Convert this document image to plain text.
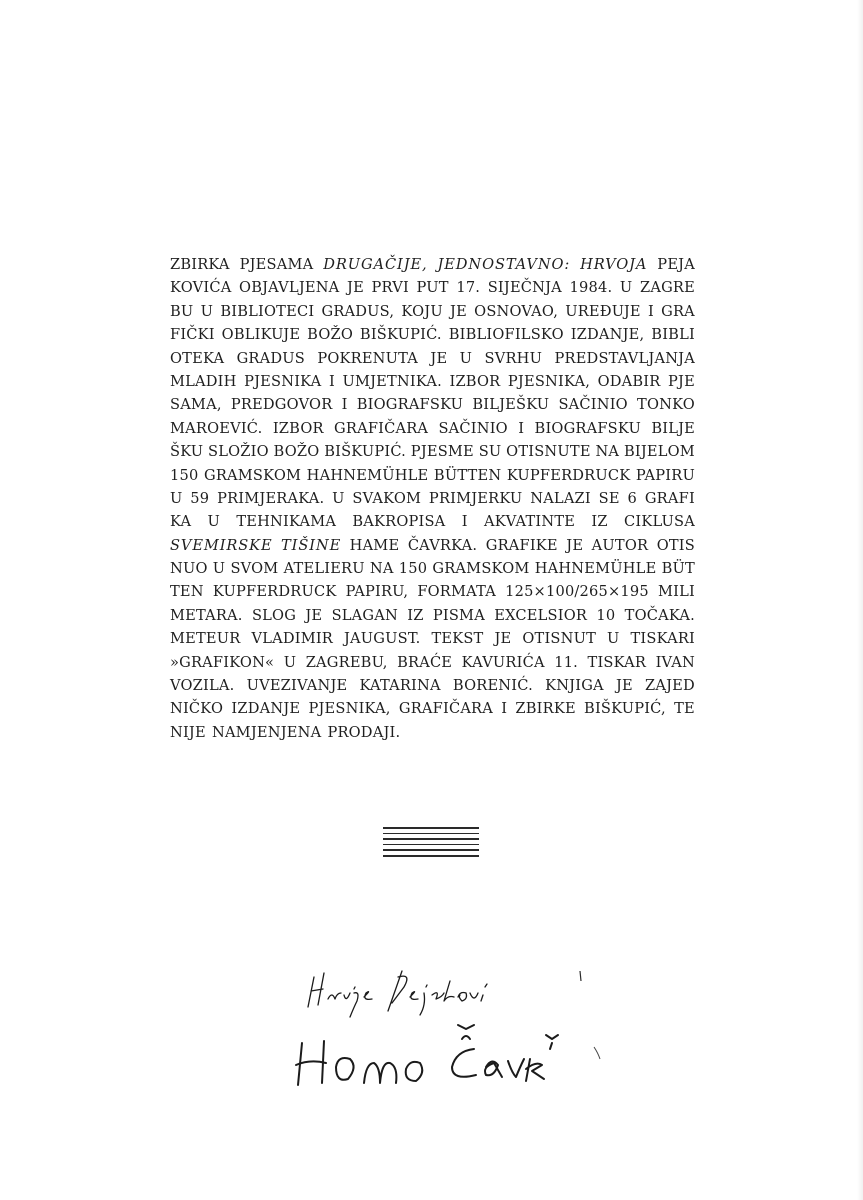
ZBIRKA PJESAMA DRUGAČIJE, JEDNOSTAVNO: HRVOJA PEJA
KOVIĆA OBJAVLJENA JE PRVI PUT 17. SIJEČNJA 1984. U ZAGRE
BU U BIBLIOTECI GRADUS, KOJU JE OSNOVAO, UREĐUJE I GRA
FIČKI OBLIKUJE BOŽO BIŠKUPIĆ. BIBLIOFILSKO IZDANJE, BIBLI
OTEKA GRADUS POKRENUTA JE U SVRHU PREDSTAVLJANJA
MLADIH PJESNIKA I UMJETNIKA. IZBOR PJESNIKA, ODABIR PJE
SAMA, PREDGOVOR I BIOGRAFSKU BILJEŠKU SAČINIO TONKO
MAROEVIĆ. IZBOR GRAFIČARA SAČINIO I BIOGRAFSKU BILJE
ŠKU SLOŽIO BOŽO BIŠKUPIĆ. PJESME SU OTISNUTE NA BIJELOM
150 GRAMSKOM HAHNEMÜHLE BÜTTEN KUPFERDRUCK PAPIRU
U 59 PRIMJERAKA. U SVAKOM PRIMJERKU NALAZI SE 6 GRAFI
KA U TEHNIKAMA BAKROPISA I AKVATINTE IZ CIKLUSA
SVEMIRSKE TIŠINE HAME ČAVRKA. GRAFIKE JE AUTOR OTIS
NUO U SVOM ATELIERU NA 150 GRAMSKOM HAHNEMÜHLE BÜT
TEN KUPFERDRUCK PAPIRU, FORMATA 125×100/265×195 MILI
METARA. SLOG JE SLAGAN IZ PISMA EXCELSIOR 10 TOČAKA.
METEUR VLADIMIR JAUGUST. TEKST JE OTISNUT U TISKARI
»GRAFIKON« U ZAGREBU, BRAĆE KAVURIĆA 11. TISKAR IVAN
VOZILA. UVEZIVANJE KATARINA BORENIĆ. KNJIGA JE ZAJED
NIČKO IZDANJE PJESNIKA, GRAFIČARA I ZBIRKE BIŠKUPIĆ, TE
NIJE NAMJENJENA PRODAJI.
